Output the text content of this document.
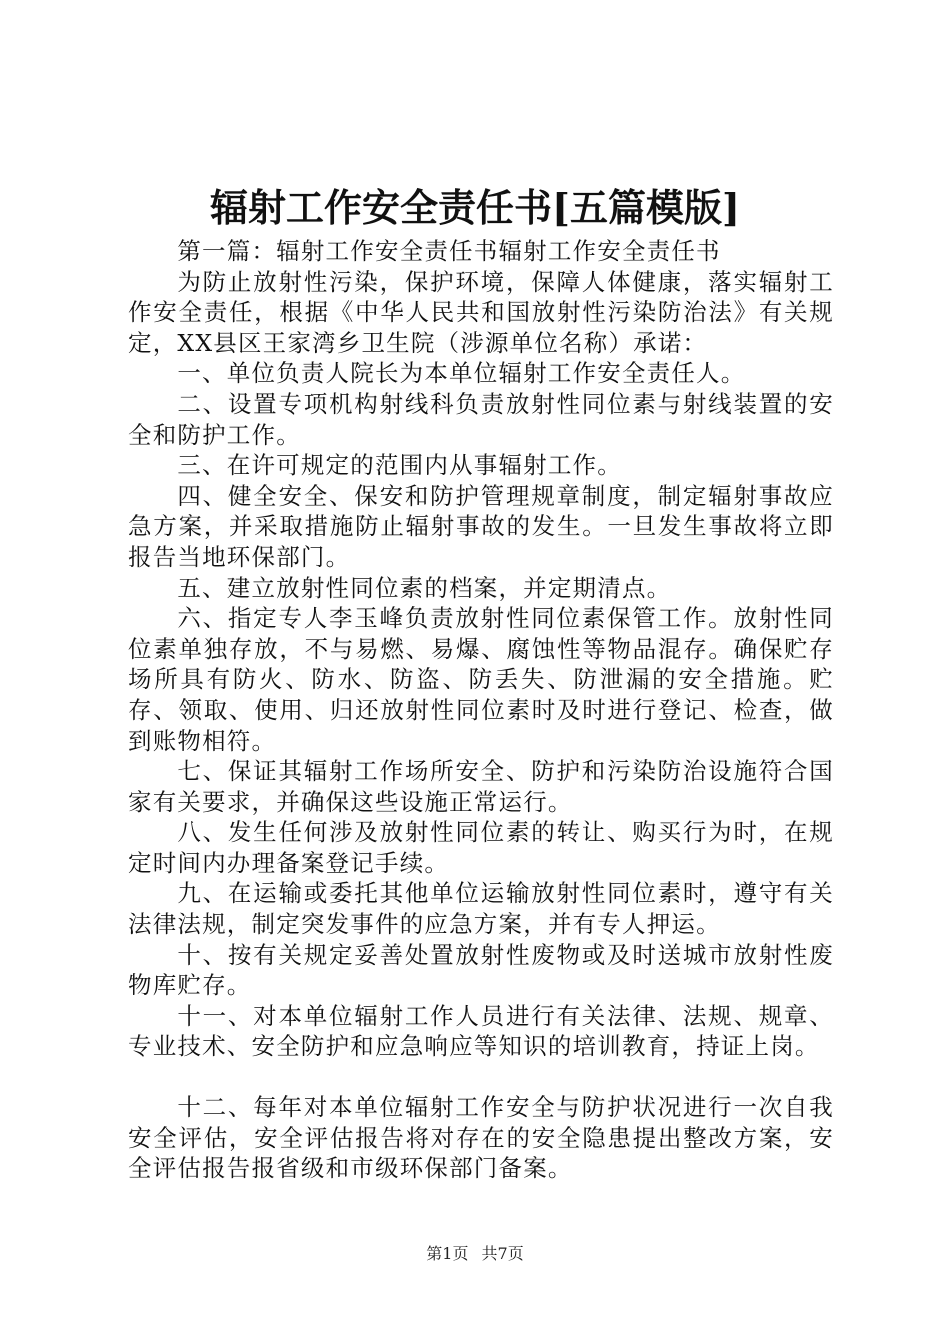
辐射工作安全责任书[五篇模版]

第一篇：辐射工作安全责任书辐射工作安全责任书

为防止放射性污染，保护环境，保障人体健康，落实辐射工作安全责任，根据《中华人民共和国放射性污染防治法》有关规定，XX县区王家湾乡卫生院（涉源单位名称）承诺：

一、单位负责人院长为本单位辐射工作安全责任人。

二、设置专项机构射线科负责放射性同位素与射线装置的安全和防护工作。

三、在许可规定的范围内从事辐射工作。

四、健全安全、保安和防护管理规章制度，制定辐射事故应急方案，并采取措施防止辐射事故的发生。一旦发生事故将立即报告当地环保部门。

五、建立放射性同位素的档案，并定期清点。

六、指定专人李玉峰负责放射性同位素保管工作。放射性同位素单独存放，不与易燃、易爆、腐蚀性等物品混存。确保贮存场所具有防火、防水、防盗、防丢失、防泄漏的安全措施。贮存、领取、使用、归还放射性同位素时及时进行登记、检查，做到账物相符。

七、保证其辐射工作场所安全、防护和污染防治设施符合国家有关要求，并确保这些设施正常运行。

八、发生任何涉及放射性同位素的转让、购买行为时，在规定时间内办理备案登记手续。

九、在运输或委托其他单位运输放射性同位素时，遵守有关法律法规，制定突发事件的应急方案，并有专人押运。

十、按有关规定妥善处置放射性废物或及时送城市放射性废物库贮存。

十一、对本单位辐射工作人员进行有关法律、法规、规章、专业技术、安全防护和应急响应等知识的培训教育，持证上岗。

十二、每年对本单位辐射工作安全与防护状况进行一次自我安全评估，安全评估报告将对存在的安全隐患提出整改方案，安全评估报告报省级和市级环保部门备案。

第1页 共7页
